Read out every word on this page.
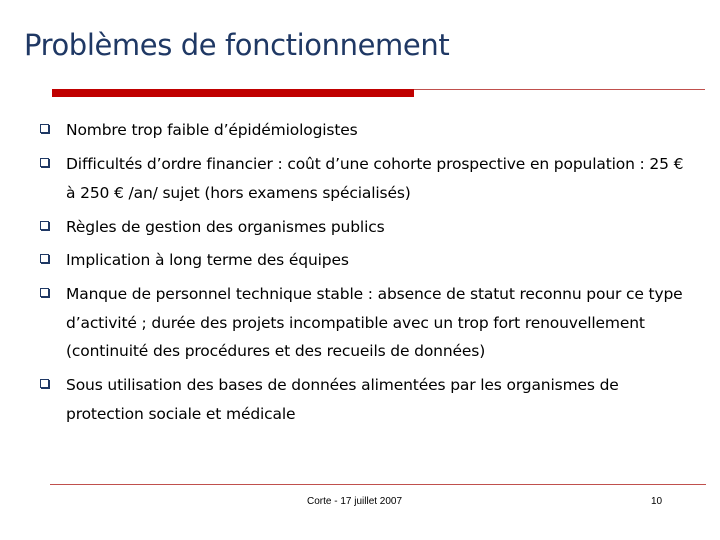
Problèmes de fonctionnement
Nombre trop faible d’épidémiologistes
Difficultés d’ordre financier : coût d’une cohorte prospective en population : 25 € à 250 € /an/ sujet (hors examens spécialisés)
Règles de gestion des organismes publics
Implication à long terme des équipes
Manque de personnel technique stable : absence de statut reconnu pour ce type d’activité ; durée des projets incompatible avec un trop fort renouvellement (continuité des procédures et des recueils de données)
Sous utilisation des bases de données alimentées par les organismes de protection sociale et médicale
Corte - 17 juillet 2007	10
